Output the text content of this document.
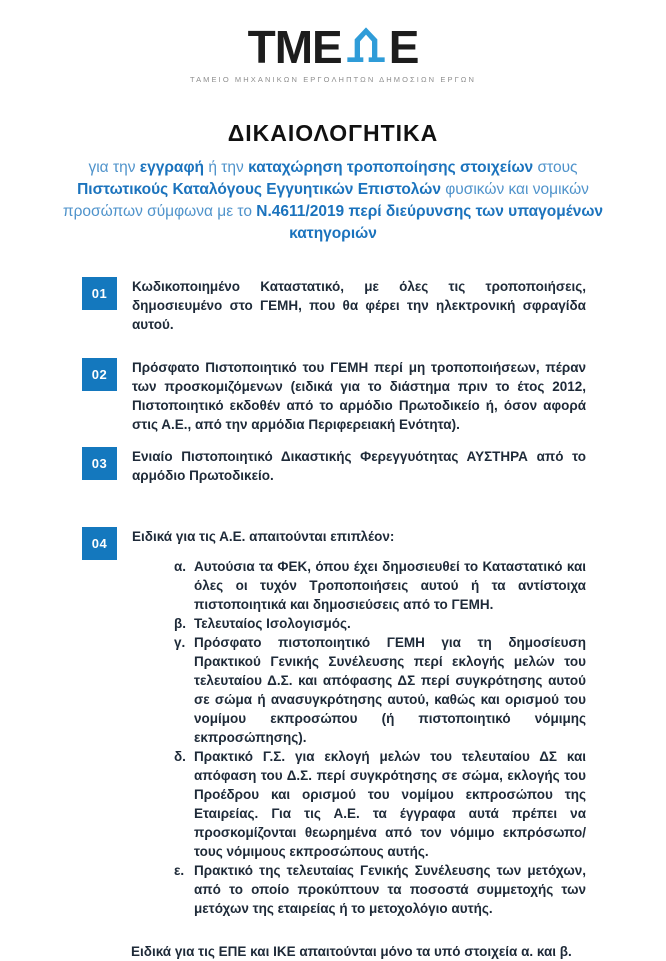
ΤΜΕ Ε
ΤΑΜΕΙΟ ΜΗΧΑΝΙΚΩΝ ΕΡΓΟΛΗΠΤΩΝ ΔΗΜΟΣΙΩΝ ΕΡΓΩΝ
ΔΙΚΑΙΟΛΟΓΗΤΙΚΑ

για την εγγραφή ή την καταχώρηση τροποποίησης στοιχείων στους Πιστωτικούς Καταλόγους Εγγυητικών Επιστολών φυσικών και νομικών προσώπων σύμφωνα με το Ν.4611/2019 περί διεύρυνσης των υπαγομένων κατηγοριών

01	Κωδικοποιημένο Καταστατικό, με όλες τις τροποποιήσεις, δημοσιευμένο στο ΓΕΜΗ, που θα φέρει την ηλεκτρονική σφραγίδα αυτού.

02	Πρόσφατο Πιστοποιητικό του ΓΕΜΗ περί μη τροποποιήσεων, πέραν των προσκομιζόμενων (ειδικά για το διάστημα πριν το έτος 2012, Πιστοποιητικό εκδοθέν από το αρμόδιο Πρωτοδικείο ή, όσον αφορά στις Α.Ε., από την αρμόδια Περιφερειακή Ενότητα).

03	Ενιαίο Πιστοποιητικό Δικαστικής Φερεγγυότητας ΑΥΣΤΗΡΑ από το αρμόδιο Πρωτοδικείο.

04	Ειδικά για τις Α.Ε. απαιτούνται επιπλέον:

α. Αυτούσια τα ΦΕΚ, όπου έχει δημοσιευθεί το Καταστατικό και όλες οι τυχόν Τροποποιήσεις αυτού ή τα αντίστοιχα πιστοποιητικά και δημοσιεύσεις από το ΓΕΜΗ.
β. Τελευταίος Ισολογισμός.
γ. Πρόσφατο πιστοποιητικό ΓΕΜΗ για τη δημοσίευση Πρακτικού Γενικής Συνέλευσης περί εκλογής μελών του τελευταίου Δ.Σ. και απόφασης ΔΣ περί συγκρότησης αυτού σε σώμα ή ανασυγκρότησης αυτού, καθώς και ορισμού του νομίμου εκπροσώπου (ή πιστοποιητικό νόμιμης εκπροσώπησης).
δ. Πρακτικό Γ.Σ. για εκλογή μελών του τελευταίου ΔΣ και απόφαση του Δ.Σ. περί συγκρότησης σε σώμα, εκλογής του Προέδρου και ορισμού του νομίμου εκπροσώπου της Εταιρείας. Για τις Α.Ε. τα έγγραφα αυτά πρέπει να προσκομίζονται θεωρημένα από τον νόμιμο εκπρόσωπο/τους νόμιμους εκπροσώπους αυτής.
ε. Πρακτικό της τελευταίας Γενικής Συνέλευσης των μετόχων, από το οποίο προκύπτουν τα ποσοστά συμμετοχής των μετόχων της εταιρείας ή το μετοχολόγιο αυτής.

Ειδικά για τις ΕΠΕ και ΙΚΕ απαιτούνται μόνο τα υπό στοιχεία α. και β.
